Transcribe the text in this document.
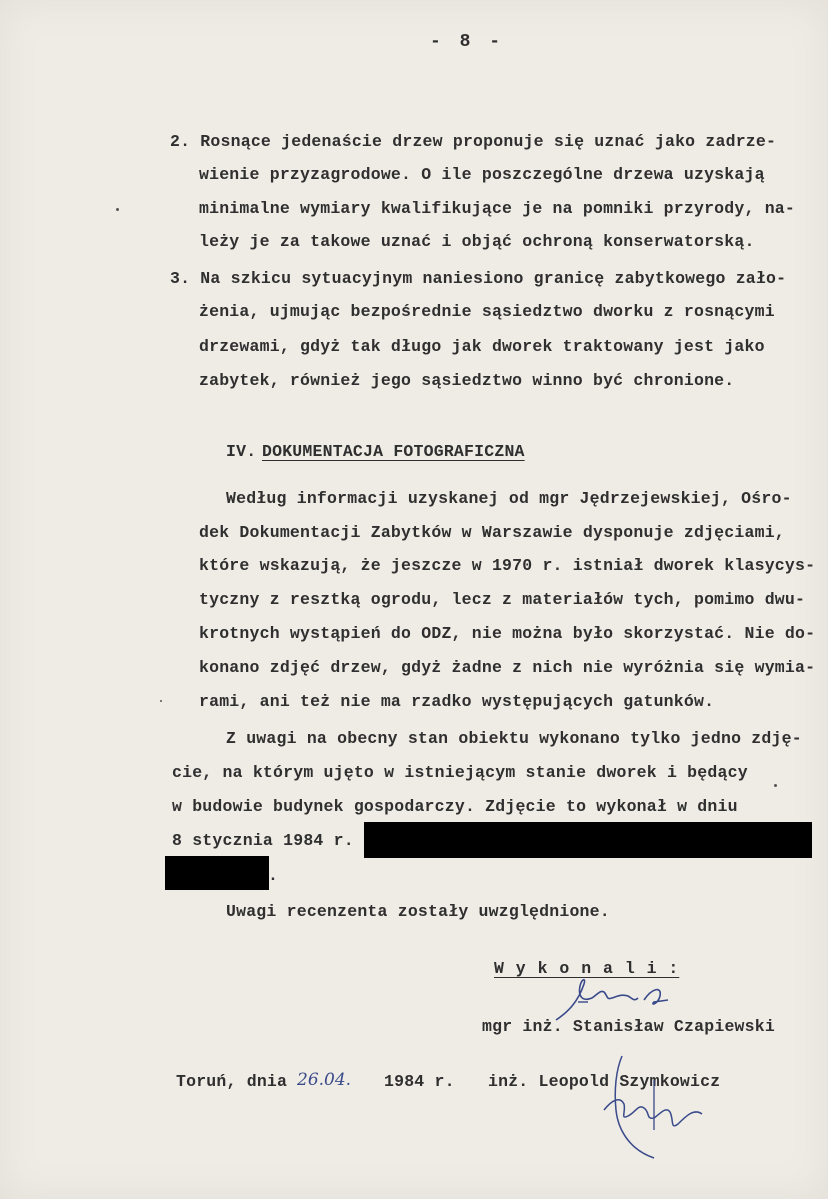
- 8 -
2. Rosnące jedenaście drzew proponuje się uznać jako zadrze-
wienie przyzagrodowe. O ile poszczególne drzewa uzyskają
minimalne wymiary kwalifikujące je na pomniki przyrody, na-
leży je za takowe uznać i objąć ochroną konserwatorską.
3. Na szkicu sytuacyjnym naniesiono granicę zabytkowego zało-
żenia, ujmując bezpośrednie sąsiedztwo dworku z rosnącymi
drzewami, gdyż tak długo jak dworek traktowany jest jako
zabytek, również jego sąsiedztwo winno być chronione.
IV. DOKUMENTACJA FOTOGRAFICZNA
Według informacji uzyskanej od mgr Jędrzejewskiej, Ośro-
dek Dokumentacji Zabytków w Warszawie dysponuje zdjęciami,
które wskazują, że jeszcze w 1970 r. istniał dworek klasycys-
tyczny z resztką ogrodu, lecz z materiałów tych, pomimo dwu-
krotnych wystąpień do ODZ, nie można było skorzystać. Nie do-
konano zdjęć drzew, gdyż żadne z nich nie wyróżnia się wymia-
rami, ani też nie ma rzadko występujących gatunków.
Z uwagi na obecny stan obiektu wykonano tylko jedno zdję-
cie, na którym ujęto w istniejącym stanie dworek i będący
w budowie budynek gospodarczy. Zdjęcie to wykonał w dniu
8 stycznia 1984 r.
.
Uwagi recenzenta zostały uwzględnione.
W y k o n a l i :
mgr inż. Stanisław Czapiewski
Toruń, dnia 26.04. 1984 r. inż. Leopold Szymkowicz
